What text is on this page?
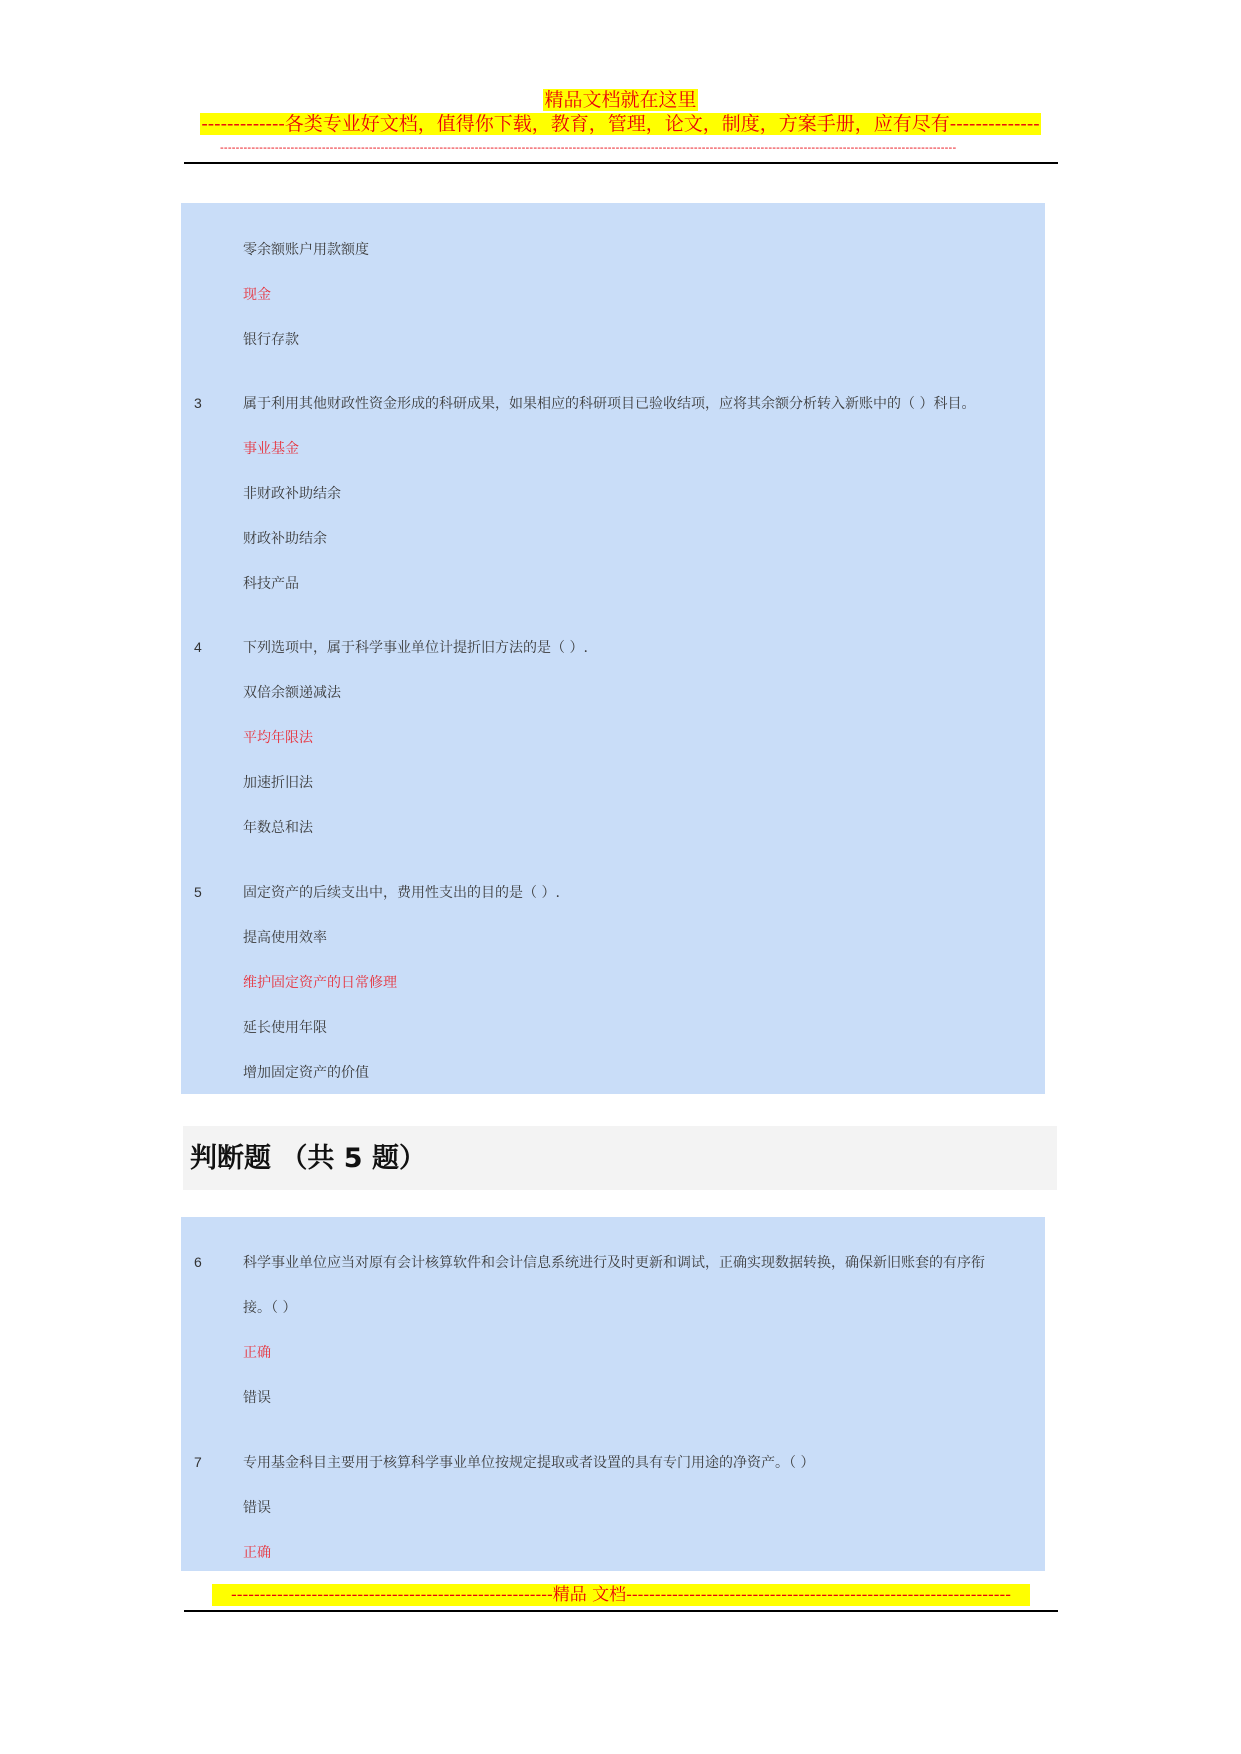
精品文档就在这里
-------------各类专业好文档，值得你下载，教育，管理，论文，制度，方案手册，应有尽有--------------
--------------------------------------------------------------------------------------------------------------------------------------------------------------------------------------------
零余额账户用款额度
现金
银行存款
3	属于利用其他财政性资金形成的科研成果，如果相应的科研项目已验收结项，应将其余额分析转入新账中的（ ）科目。
事业基金
非财政补助结余
财政补助结余
科技产品
4	下列选项中，属于科学事业单位计提折旧方法的是（ ）.
双倍余额递减法
平均年限法
加速折旧法
年数总和法
5	固定资产的后续支出中，费用性支出的目的是（ ）.
提高使用效率
维护固定资产的日常修理
延长使用年限
增加固定资产的价值
判断题 （共 5 题）
6	科学事业单位应当对原有会计核算软件和会计信息系统进行及时更新和调试，正确实现数据转换，确保新旧账套的有序衔
接。（ ）
正确
错误
7	专用基金科目主要用于核算科学事业单位按规定提取或者设置的具有专门用途的净资产。（ ）
错误
正确
--------------------------------------------------------精品 文档-------------------------------------------------------------------
